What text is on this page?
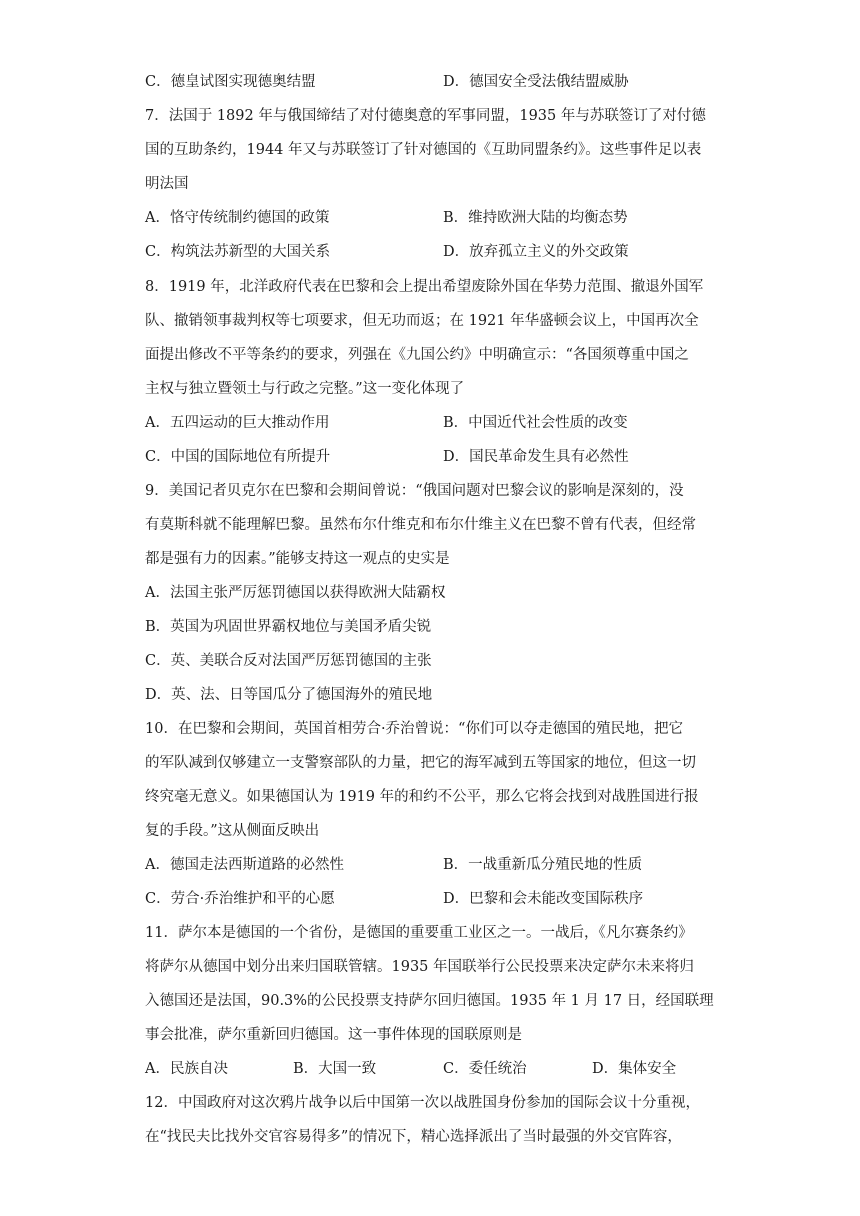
C．德皇试图实现德奥结盟	D．德国安全受法俄结盟威胁
7．法国于 1892 年与俄国缔结了对付德奥意的军事同盟，1935 年与苏联签订了对付德
国的互助条约，1944 年又与苏联签订了针对德国的《互助同盟条约》。这些事件足以表
明法国
A．恪守传统制约德国的政策	B．维持欧洲大陆的均衡态势
C．构筑法苏新型的大国关系	D．放弃孤立主义的外交政策
8．1919 年，北洋政府代表在巴黎和会上提出希望废除外国在华势力范围、撤退外国军
队、撤销领事裁判权等七项要求，但无功而返；在 1921 年华盛顿会议上，中国再次全
面提出修改不平等条约的要求，列强在《九国公约》中明确宣示：“各国须尊重中国之
主权与独立暨领土与行政之完整。”这一变化体现了
A．五四运动的巨大推动作用	B．中国近代社会性质的改变
C．中国的国际地位有所提升	D．国民革命发生具有必然性
9．美国记者贝克尔在巴黎和会期间曾说：“俄国问题对巴黎会议的影响是深刻的，没
有莫斯科就不能理解巴黎。虽然布尔什维克和布尔什维主义在巴黎不曾有代表，但经常
都是强有力的因素。”能够支持这一观点的史实是
A．法国主张严厉惩罚德国以获得欧洲大陆霸权
B．英国为巩固世界霸权地位与美国矛盾尖锐
C．英、美联合反对法国严厉惩罚德国的主张
D．英、法、日等国瓜分了德国海外的殖民地
10．在巴黎和会期间，英国首相劳合·乔治曾说：“你们可以夺走德国的殖民地，把它
的军队减到仅够建立一支警察部队的力量，把它的海军减到五等国家的地位，但这一切
终究毫无意义。如果德国认为 1919 年的和约不公平，那么它将会找到对战胜国进行报
复的手段。”这从侧面反映出
A．德国走法西斯道路的必然性	B．一战重新瓜分殖民地的性质
C．劳合·乔治维护和平的心愿	D．巴黎和会未能改变国际秩序
11．萨尔本是德国的一个省份，是德国的重要重工业区之一。一战后，《凡尔赛条约》
将萨尔从德国中划分出来归国联管辖。1935 年国联举行公民投票来决定萨尔未来将归
入德国还是法国，90.3%的公民投票支持萨尔回归德国。1935 年 1 月 17 日，经国联理
事会批准，萨尔重新回归德国。这一事件体现的国联原则是
A．民族自决	B．大国一致	C．委任统治	D．集体安全
12．中国政府对这次鸦片战争以后中国第一次以战胜国身份参加的国际会议十分重视，
在“找民夫比找外交官容易得多”的情况下，精心选择派出了当时最强的外交官阵容，
